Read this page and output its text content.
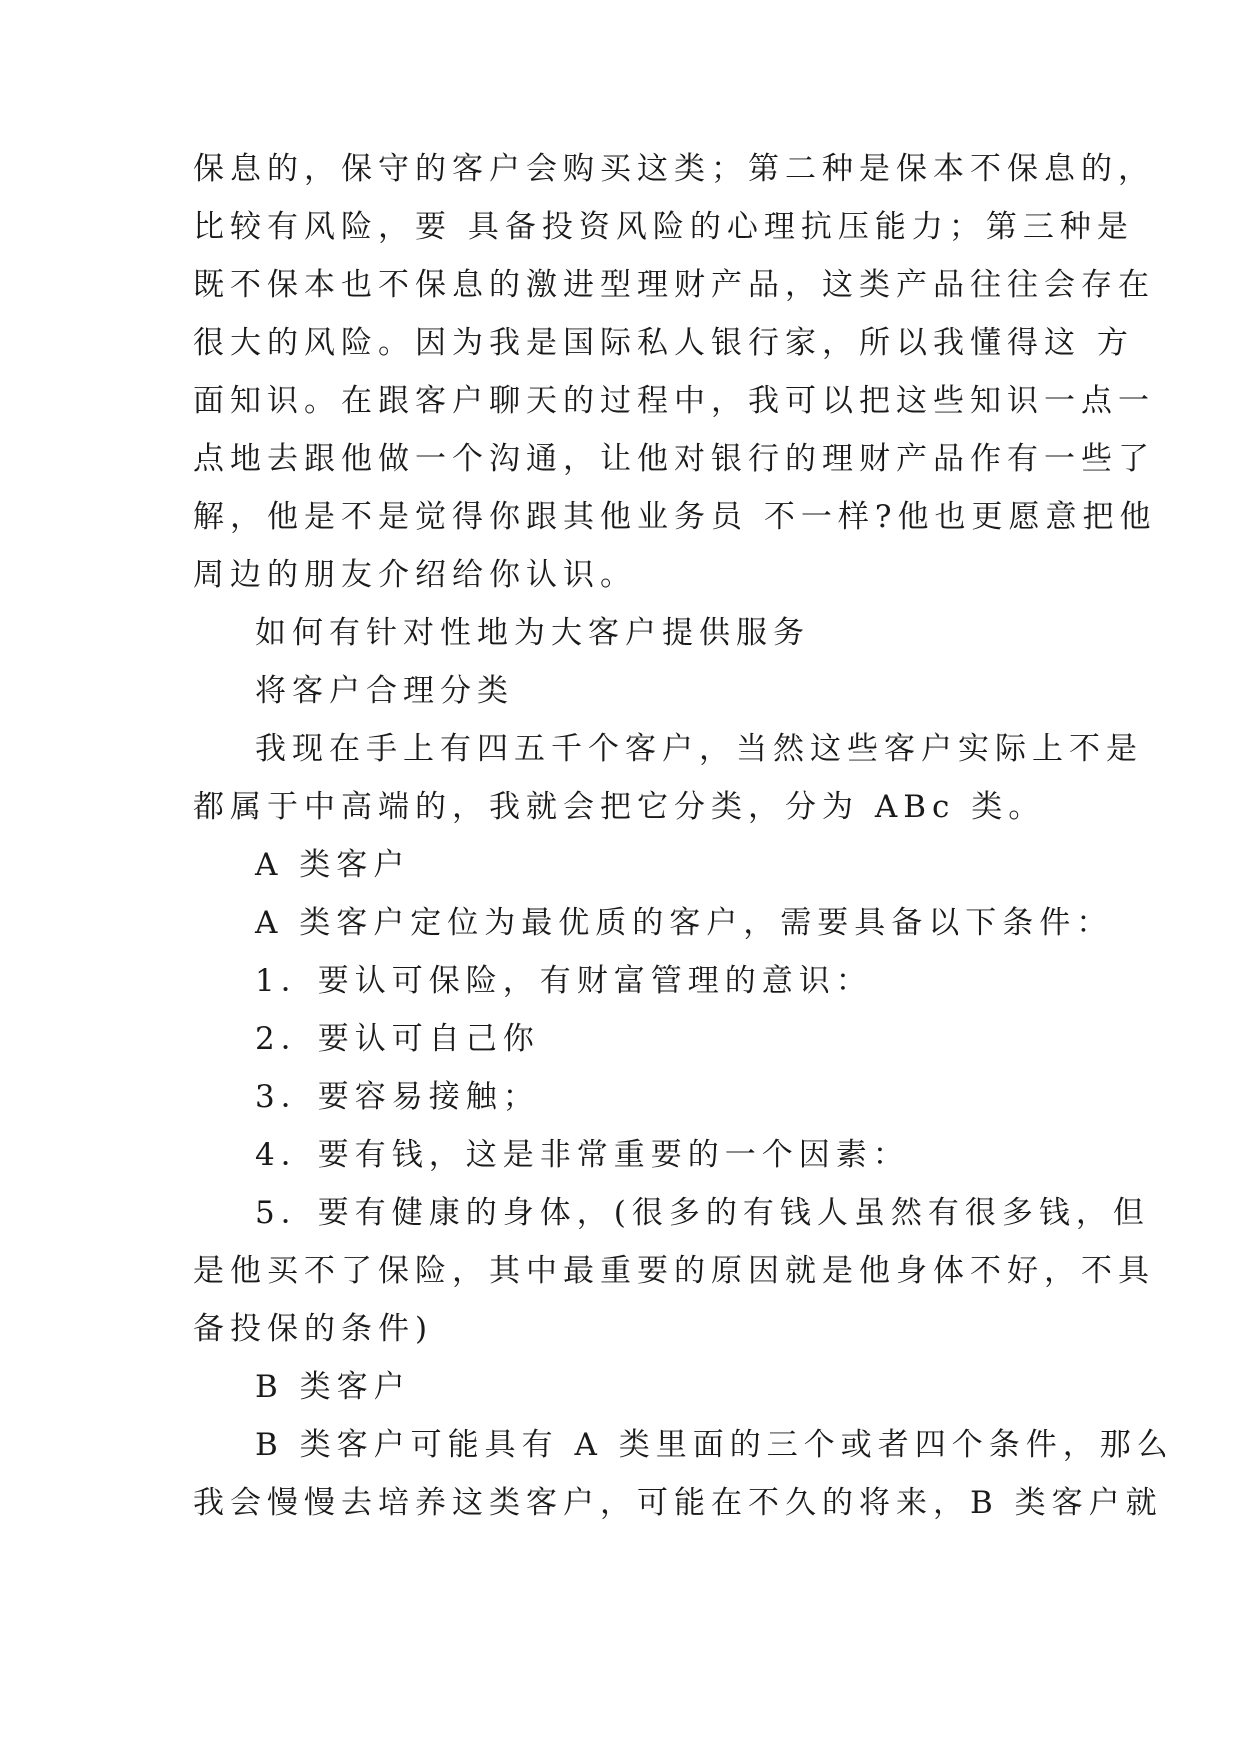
保息的，保守的客户会购买这类；第二种是保本不保息的，
比较有风险，要 具备投资风险的心理抗压能力；第三种是
既不保本也不保息的激进型理财产品，这类产品往往会存在
很大的风险。因为我是国际私人银行家，所以我懂得这 方
面知识。在跟客户聊天的过程中，我可以把这些知识一点一
点地去跟他做一个沟通，让他对银行的理财产品作有一些了
解，他是不是觉得你跟其他业务员 不一样?他也更愿意把他
周边的朋友介绍给你认识。
如何有针对性地为大客户提供服务
将客户合理分类
我现在手上有四五千个客户，当然这些客户实际上不是
都属于中高端的，我就会把它分类，分为 ABc 类。
A 类客户
A 类客户定位为最优质的客户，需要具备以下条件：
1．要认可保险，有财富管理的意识：
2．要认可自己你
3．要容易接触；
4．要有钱，这是非常重要的一个因素：
5．要有健康的身体，(很多的有钱人虽然有很多钱，但
是他买不了保险，其中最重要的原因就是他身体不好，不具
备投保的条件)
B 类客户
B 类客户可能具有 A 类里面的三个或者四个条件，那么
我会慢慢去培养这类客户，可能在不久的将来，B 类客户就
